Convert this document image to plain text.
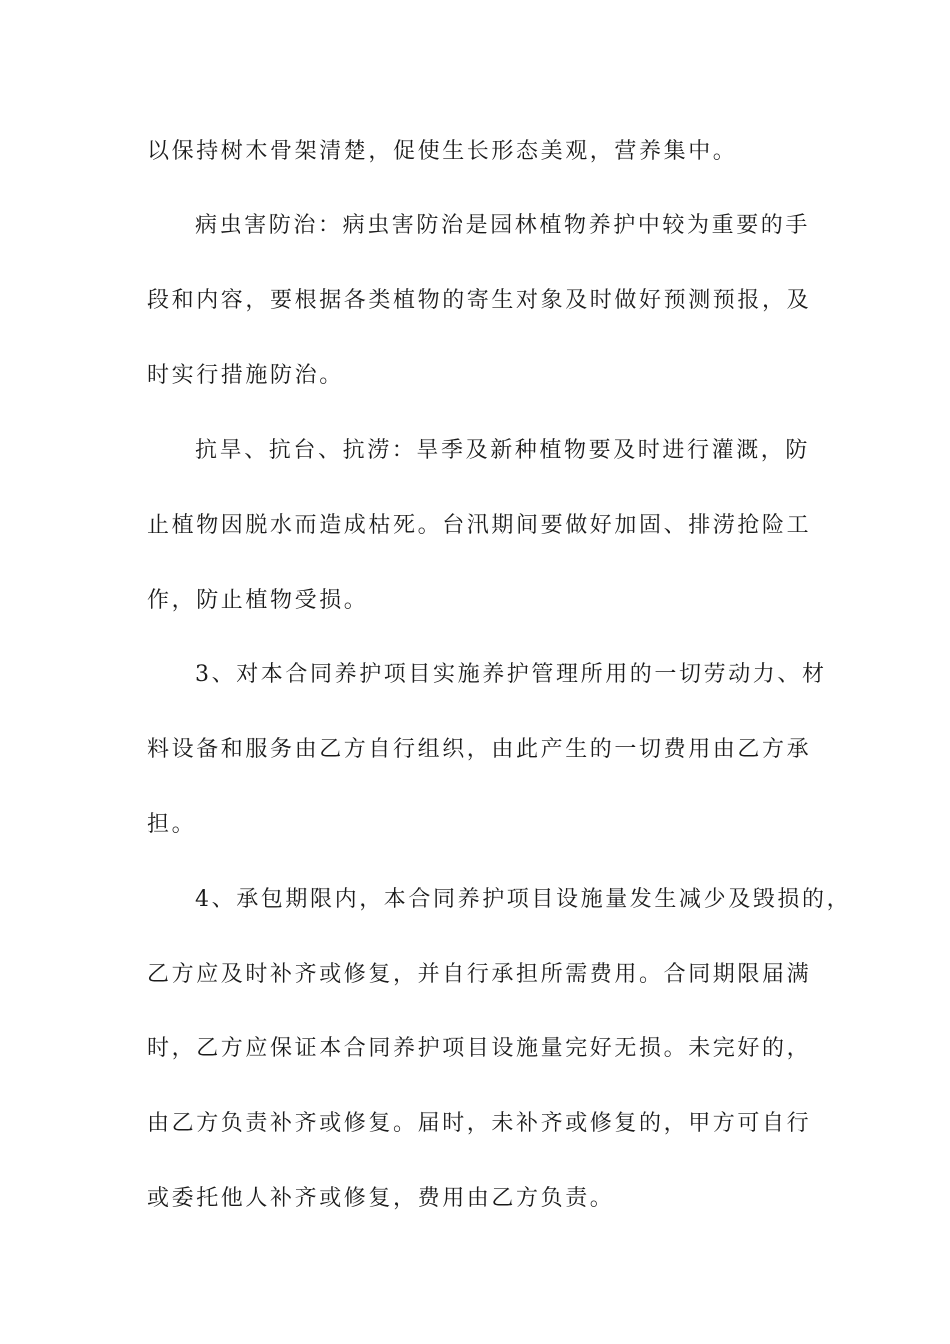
以保持树木骨架清楚，促使生长形态美观，营养集中。
病虫害防治：病虫害防治是园林植物养护中较为重要的手
段和内容，要根据各类植物的寄生对象及时做好预测预报，及
时实行措施防治。
抗旱、抗台、抗涝：旱季及新种植物要及时进行灌溉，防
止植物因脱水而造成枯死。台汛期间要做好加固、排涝抢险工
作，防止植物受损。
3、对本合同养护项目实施养护管理所用的一切劳动力、材
料设备和服务由乙方自行组织，由此产生的一切费用由乙方承
担。
4、承包期限内，本合同养护项目设施量发生减少及毁损的，
乙方应及时补齐或修复，并自行承担所需费用。合同期限届满
时，乙方应保证本合同养护项目设施量完好无损。未完好的，
由乙方负责补齐或修复。届时，未补齐或修复的，甲方可自行
或委托他人补齐或修复，费用由乙方负责。
